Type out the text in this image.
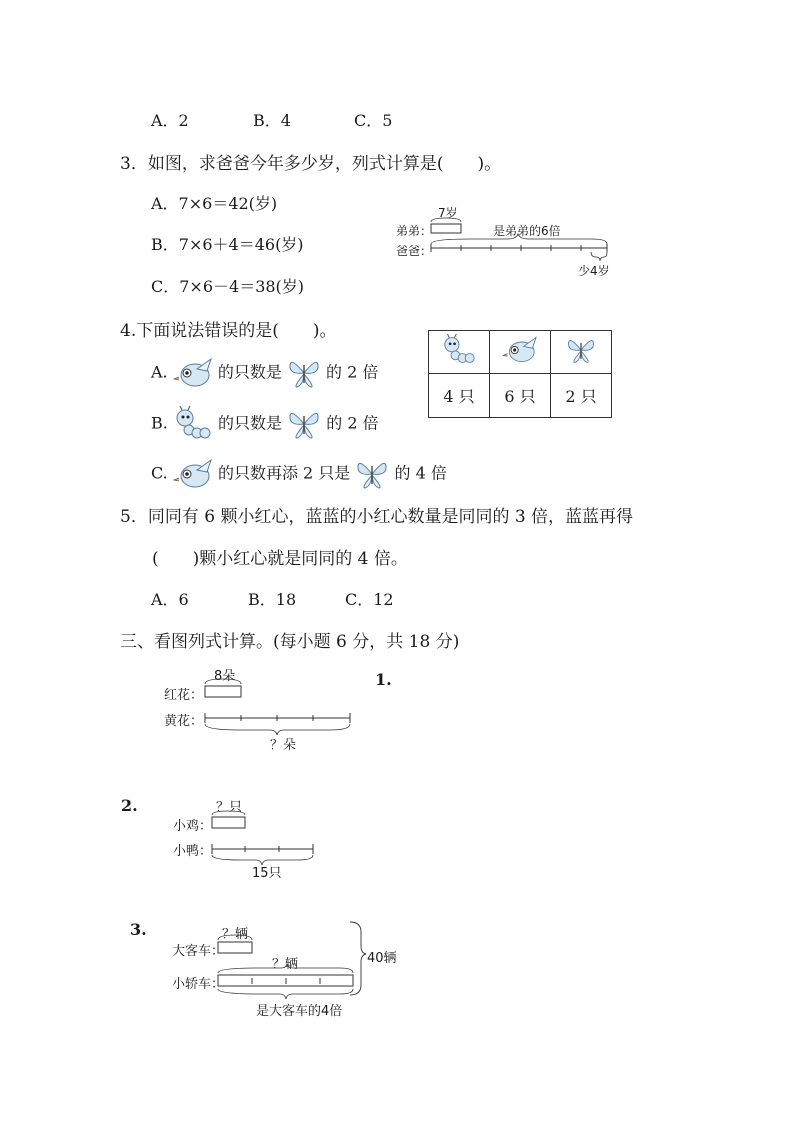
A．2	B．4	C．5
3．如图，求爸爸今年多少岁，列式计算是(　　)。
A．7×6＝42(岁)
B．7×6＋4＝46(岁)
C．7×6－4＝38(岁)
7岁
弟弟：	是弟弟的6倍
爸爸：
少4岁
4.下面说法错误的是(　　)。
A.	的只数是	的 2 倍
B.	的只数是	的 2 倍
C.	的只数再添 2 只是	的 4 倍

4 只	6 只	2 只
5．同同有 6 颗小红心，蓝蓝的小红心数量是同同的 3 倍，蓝蓝再得
(　　)颗小红心就是同同的 4 倍。
A．6	B．18	C．12
三、看图列式计算。(每小题 6 分，共 18 分)
1.
8朵
红花：
黄花：
？朵
2.	？只
小鸡：
小鸭：
15只
3.	？辆
大客车：
？辆
小轿车：
是大客车的4倍
40辆
